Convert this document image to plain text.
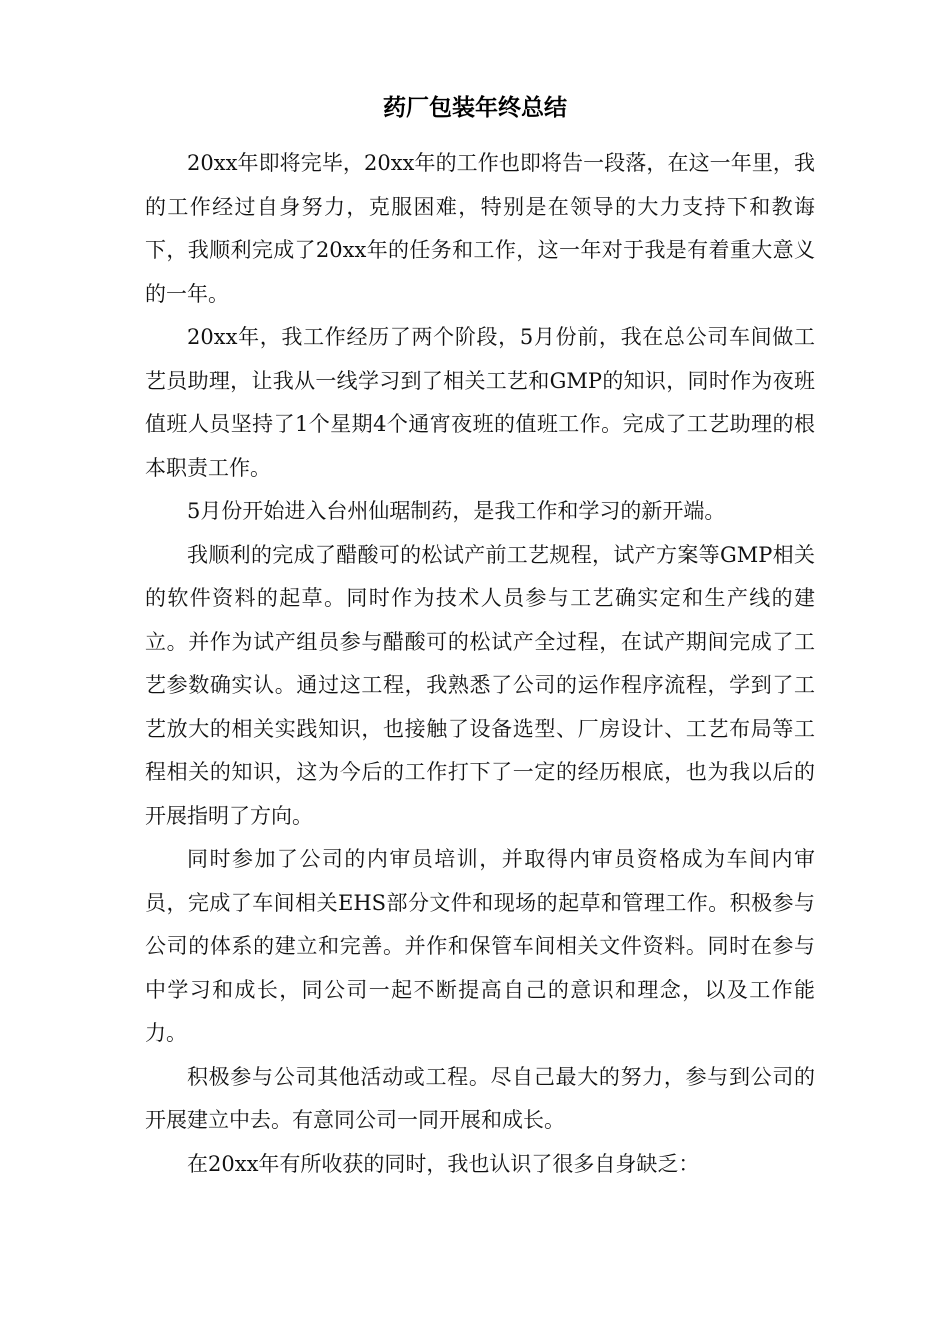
药厂包装年终总结

20xx年即将完毕，20xx年的工作也即将告一段落，在这一年里，我的工作经过自身努力，克服困难，特别是在领导的大力支持下和教诲下，我顺利完成了20xx年的任务和工作，这一年对于我是有着重大意义的一年。

20xx年，我工作经历了两个阶段，5月份前，我在总公司车间做工艺员助理，让我从一线学习到了相关工艺和GMP的知识，同时作为夜班值班人员坚持了1个星期4个通宵夜班的值班工作。完成了工艺助理的根本职责工作。

5月份开始进入台州仙琚制药，是我工作和学习的新开端。

我顺利的完成了醋酸可的松试产前工艺规程，试产方案等GMP相关的软件资料的起草。同时作为技术人员参与工艺确实定和生产线的建立。并作为试产组员参与醋酸可的松试产全过程，在试产期间完成了工艺参数确实认。通过这工程，我熟悉了公司的运作程序流程，学到了工艺放大的相关实践知识，也接触了设备选型、厂房设计、工艺布局等工程相关的知识，这为今后的工作打下了一定的经历根底，也为我以后的开展指明了方向。

同时参加了公司的内审员培训，并取得内审员资格成为车间内审员，完成了车间相关EHS部分文件和现场的起草和管理工作。积极参与公司的体系的建立和完善。并作和保管车间相关文件资料。同时在参与中学习和成长，同公司一起不断提高自己的意识和理念，以及工作能力。

积极参与公司其他活动或工程。尽自己最大的努力，参与到公司的开展建立中去。有意同公司一同开展和成长。

在20xx年有所收获的同时，我也认识了很多自身缺乏：
